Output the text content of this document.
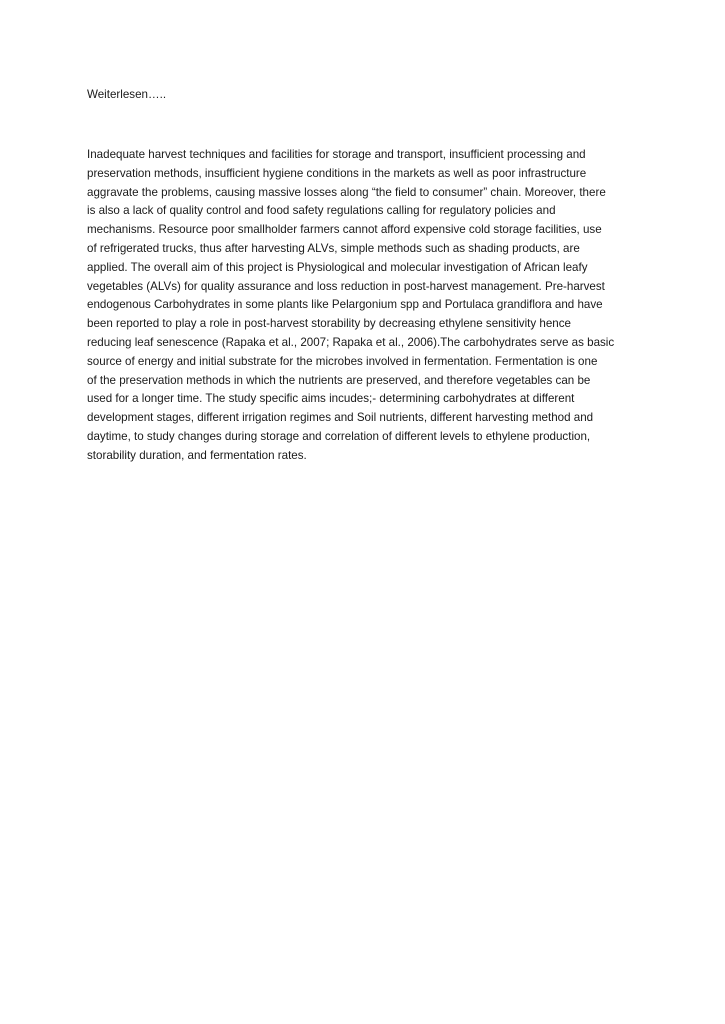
Weiterlesen…..

Inadequate harvest techniques and facilities for storage and transport, insufficient processing and
preservation methods, insufficient hygiene conditions in the markets as well as poor infrastructure
aggravate the problems, causing massive losses along “the field to consumer” chain. Moreover, there
is also a lack of quality control and food safety regulations calling for regulatory policies and
mechanisms. Resource poor smallholder farmers cannot afford expensive cold storage facilities, use
of refrigerated trucks, thus after harvesting ALVs, simple methods such as shading products, are
applied. The overall aim of this project is Physiological and molecular investigation of African leafy
vegetables (ALVs) for quality assurance and loss reduction in post-harvest management. Pre-harvest
endogenous Carbohydrates in some plants like Pelargonium spp and Portulaca grandiflora and have
been reported to play a role in post-harvest storability by decreasing ethylene sensitivity hence
reducing leaf senescence (Rapaka et al., 2007; Rapaka et al., 2006).The carbohydrates serve as basic
source of energy and initial substrate for the microbes involved in fermentation. Fermentation is one
of the preservation methods in which the nutrients are preserved, and therefore vegetables can be
used for a longer time. The study specific aims incudes;- determining carbohydrates at different
development stages, different irrigation regimes and Soil nutrients, different harvesting method and
daytime, to study changes during storage and correlation of different levels to ethylene production,
storability duration, and fermentation rates.
